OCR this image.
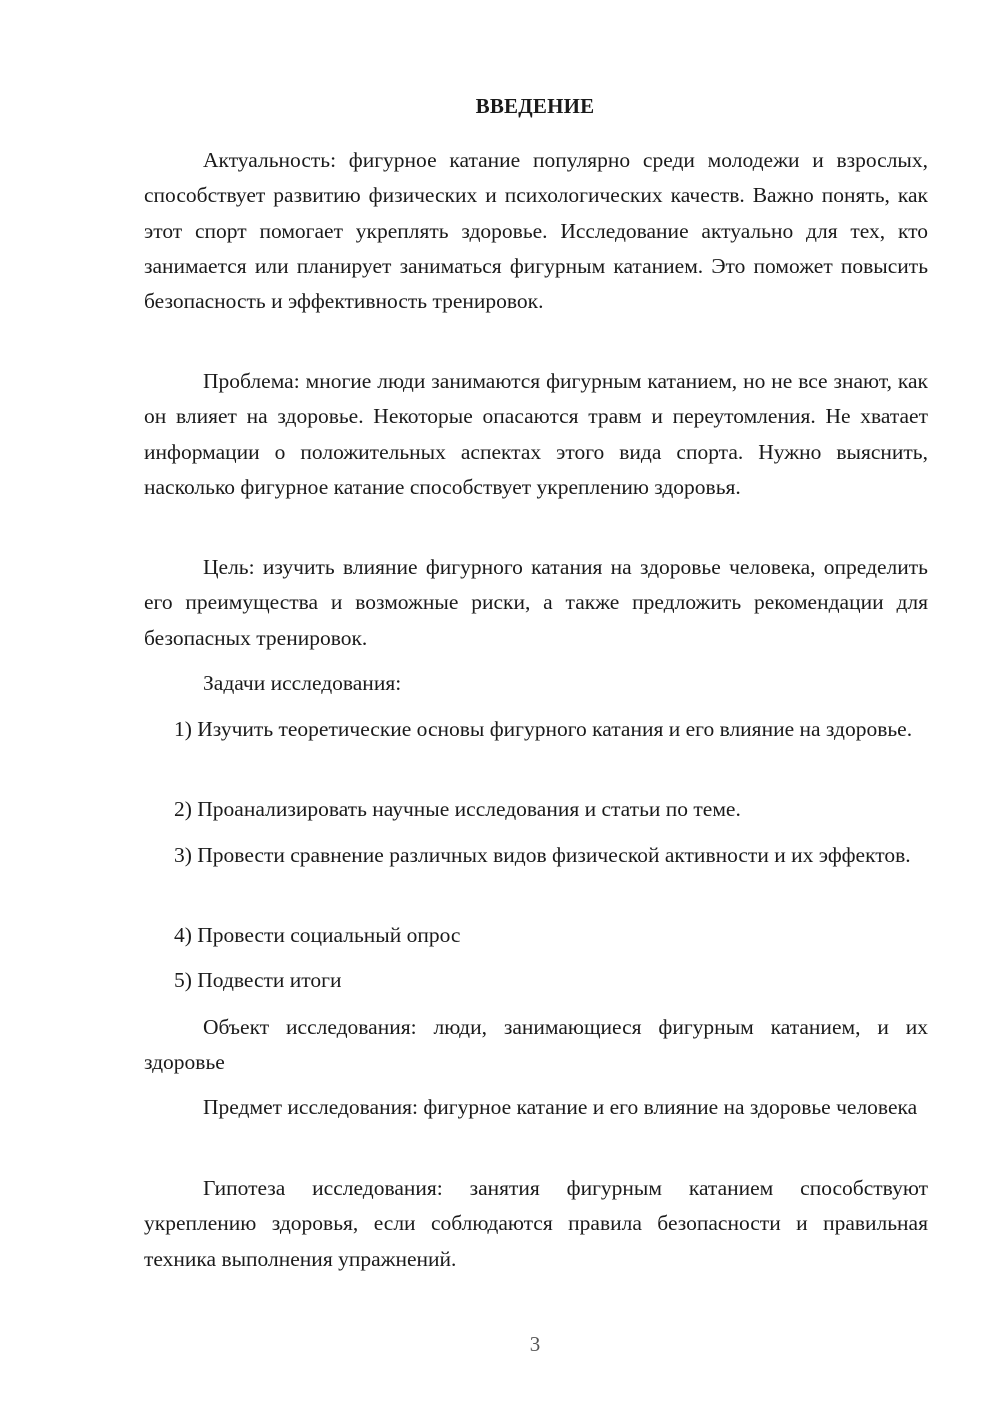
ВВЕДЕНИЕ

Актуальность: фигурное катание популярно среди молодежи и взрослых, способствует развитию физических и психологических качеств. Важно понять, как этот спорт помогает укреплять здоровье. Исследование актуально для тех, кто занимается или планирует заниматься фигурным катанием. Это поможет повысить безопасность и эффективность тренировок.

Проблема: многие люди занимаются фигурным катанием, но не все знают, как он влияет на здоровье. Некоторые опасаются травм и переутомления. Не хватает информации о положительных аспектах этого вида спорта. Нужно выяснить, насколько фигурное катание способствует укреплению здоровья.

Цель: изучить влияние фигурного катания на здоровье человека, определить его преимущества и возможные риски, а также предложить рекомендации для безопасных тренировок.

Задачи исследования:

1) Изучить теоретические основы фигурного катания и его влияние на здоровье.

2) Проанализировать научные исследования и статьи по теме.

3) Провести сравнение различных видов физической активности и их эффектов.

4) Провести социальный опрос

5) Подвести итоги

Объект исследования: люди, занимающиеся фигурным катанием, и их здоровье

Предмет исследования: фигурное катание и его влияние на здоровье человека

Гипотеза исследования: занятия фигурным катанием способствуют укреплению здоровья, если соблюдаются правила безопасности и правильная техника выполнения упражнений.

3
